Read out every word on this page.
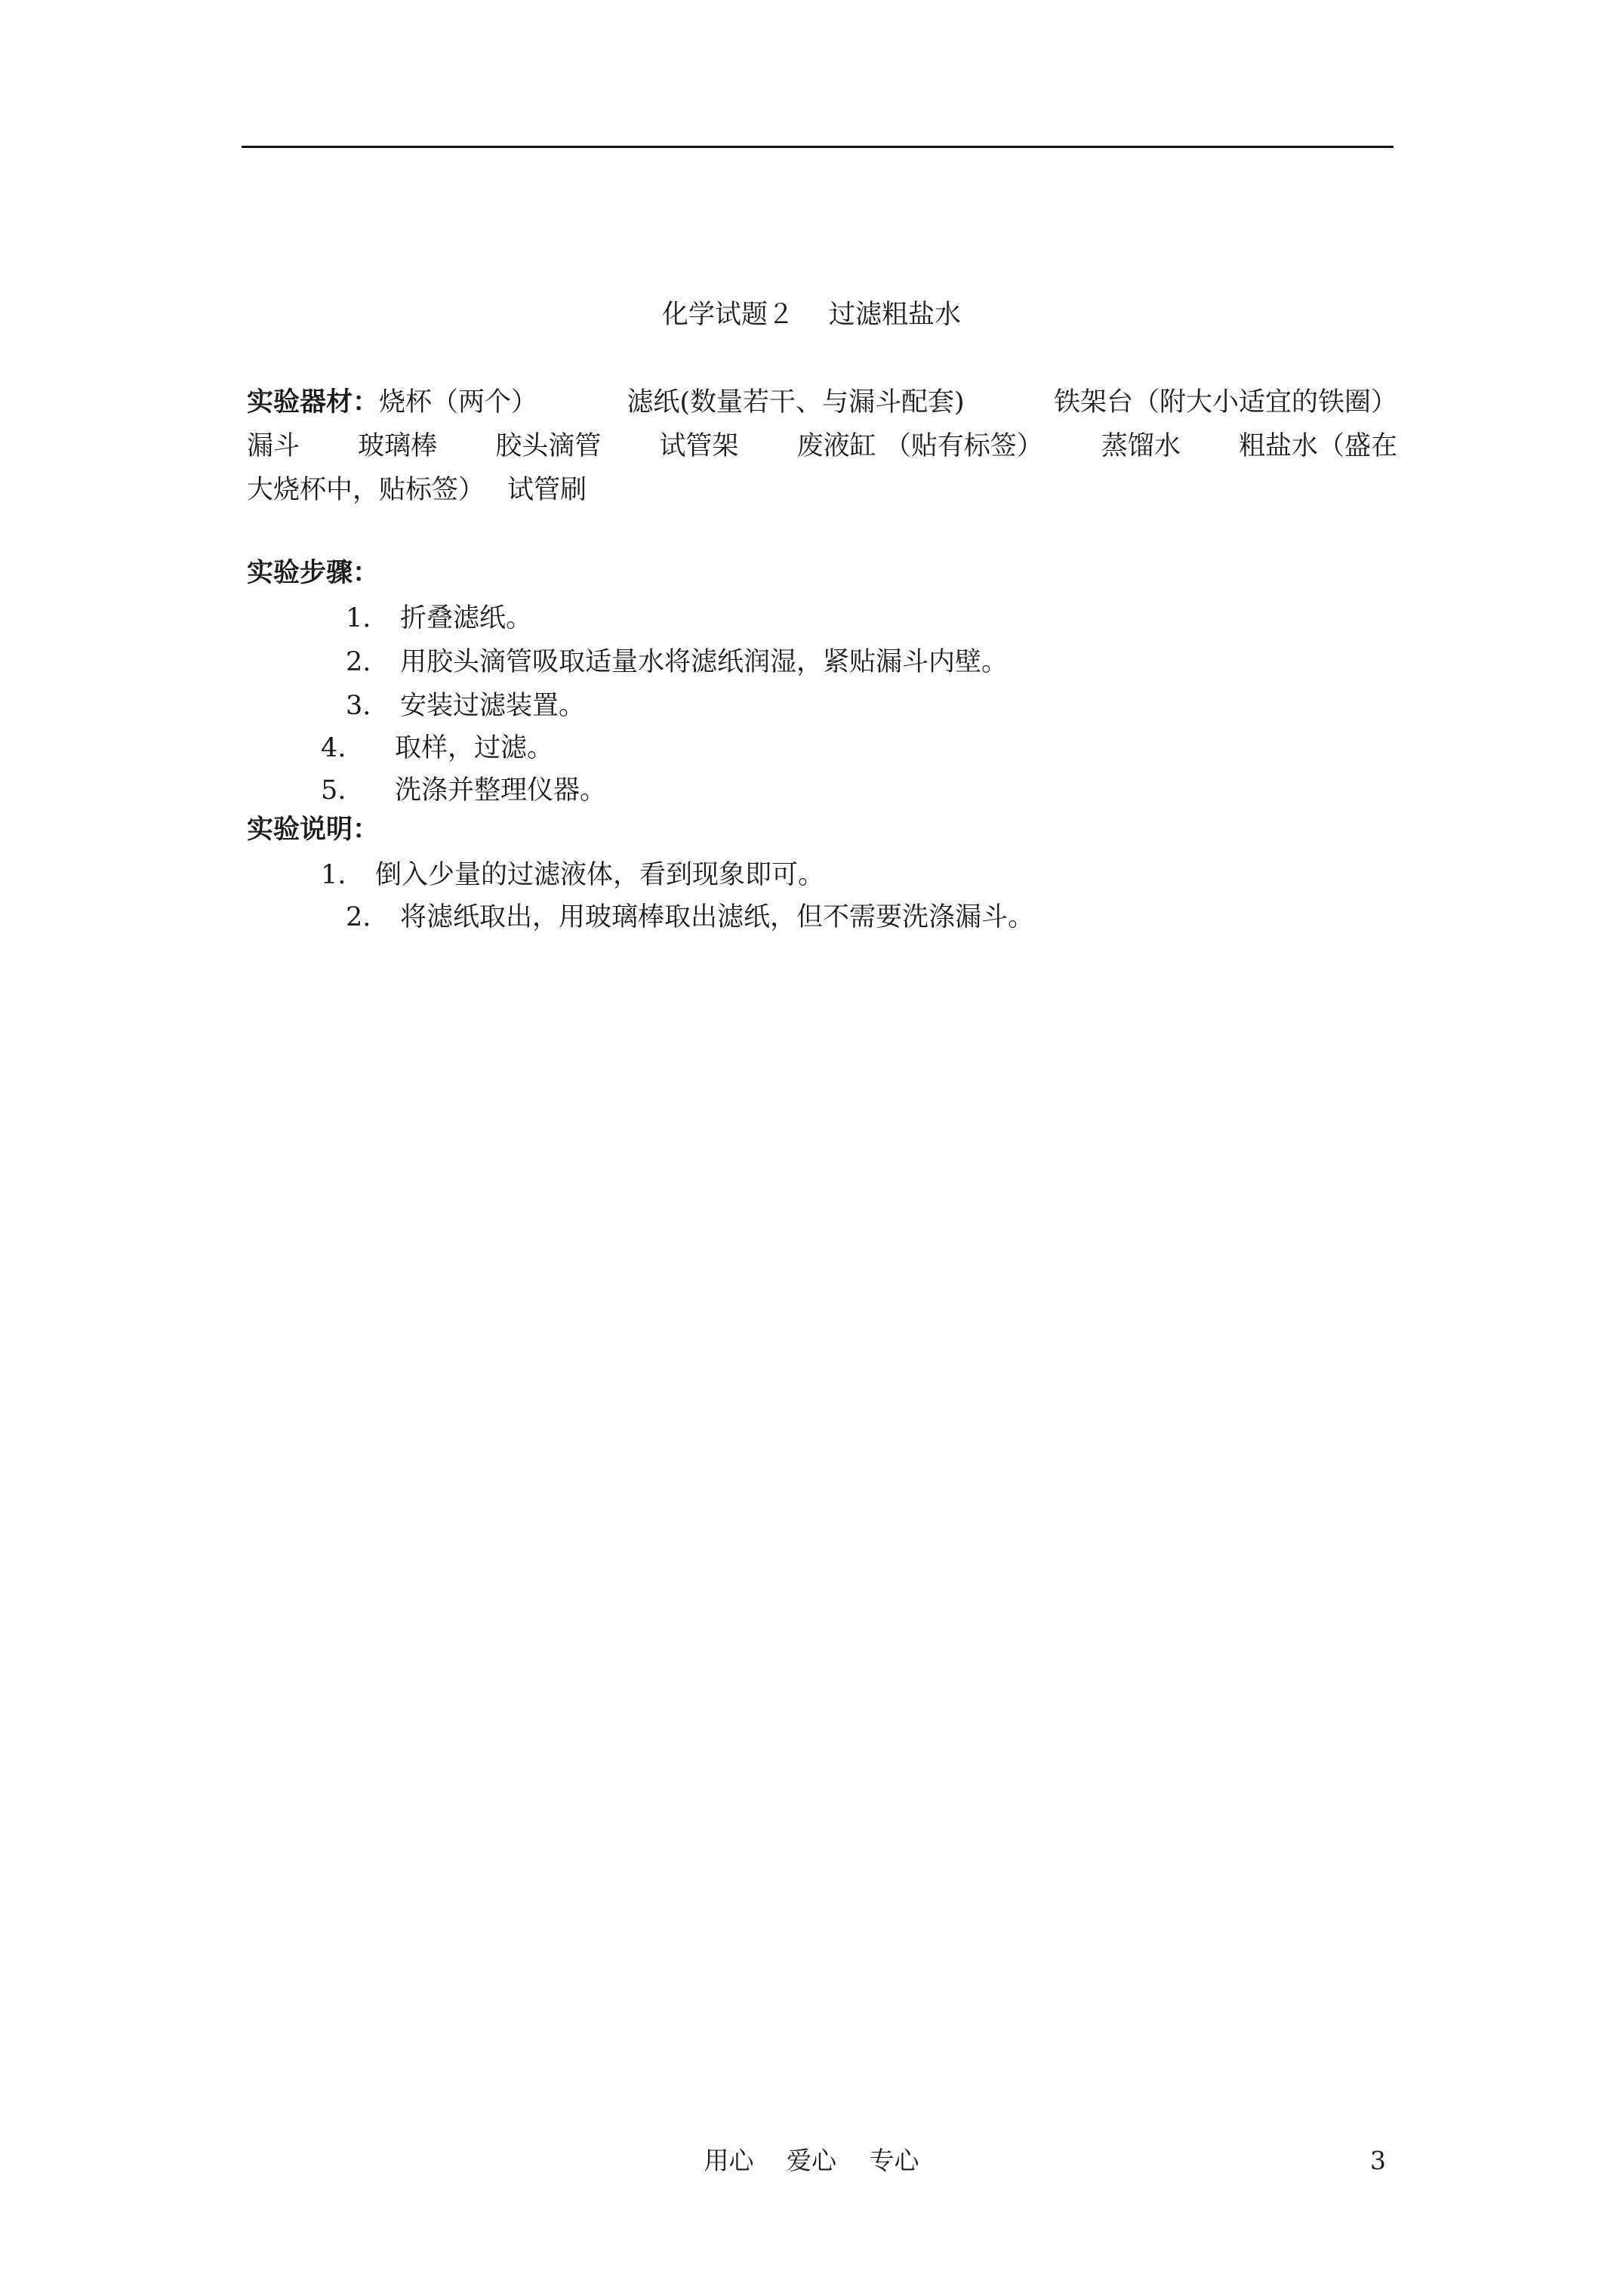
化学试题２　 过滤粗盐水
实验器材：烧杯（两个）	滤纸(数量若干、与漏斗配套)	铁架台（附大小适宜的铁圈）
漏斗 玻璃棒 胶头滴管 试管架 废液缸 （贴有标签） 蒸馏水 粗盐水（盛在
大烧杯中，贴标签） 试管刷
实验步骤：
1. 折叠滤纸。
2. 用胶头滴管吸取适量水将滤纸润湿，紧贴漏斗内壁。
3. 安装过滤装置。
4. 取样，过滤。
5. 洗涤并整理仪器。
实验说明：
1. 倒入少量的过滤液体，看到现象即可。
2. 将滤纸取出，用玻璃棒取出滤纸，但不需要洗涤漏斗。
用心　 爱心　 专心	3
